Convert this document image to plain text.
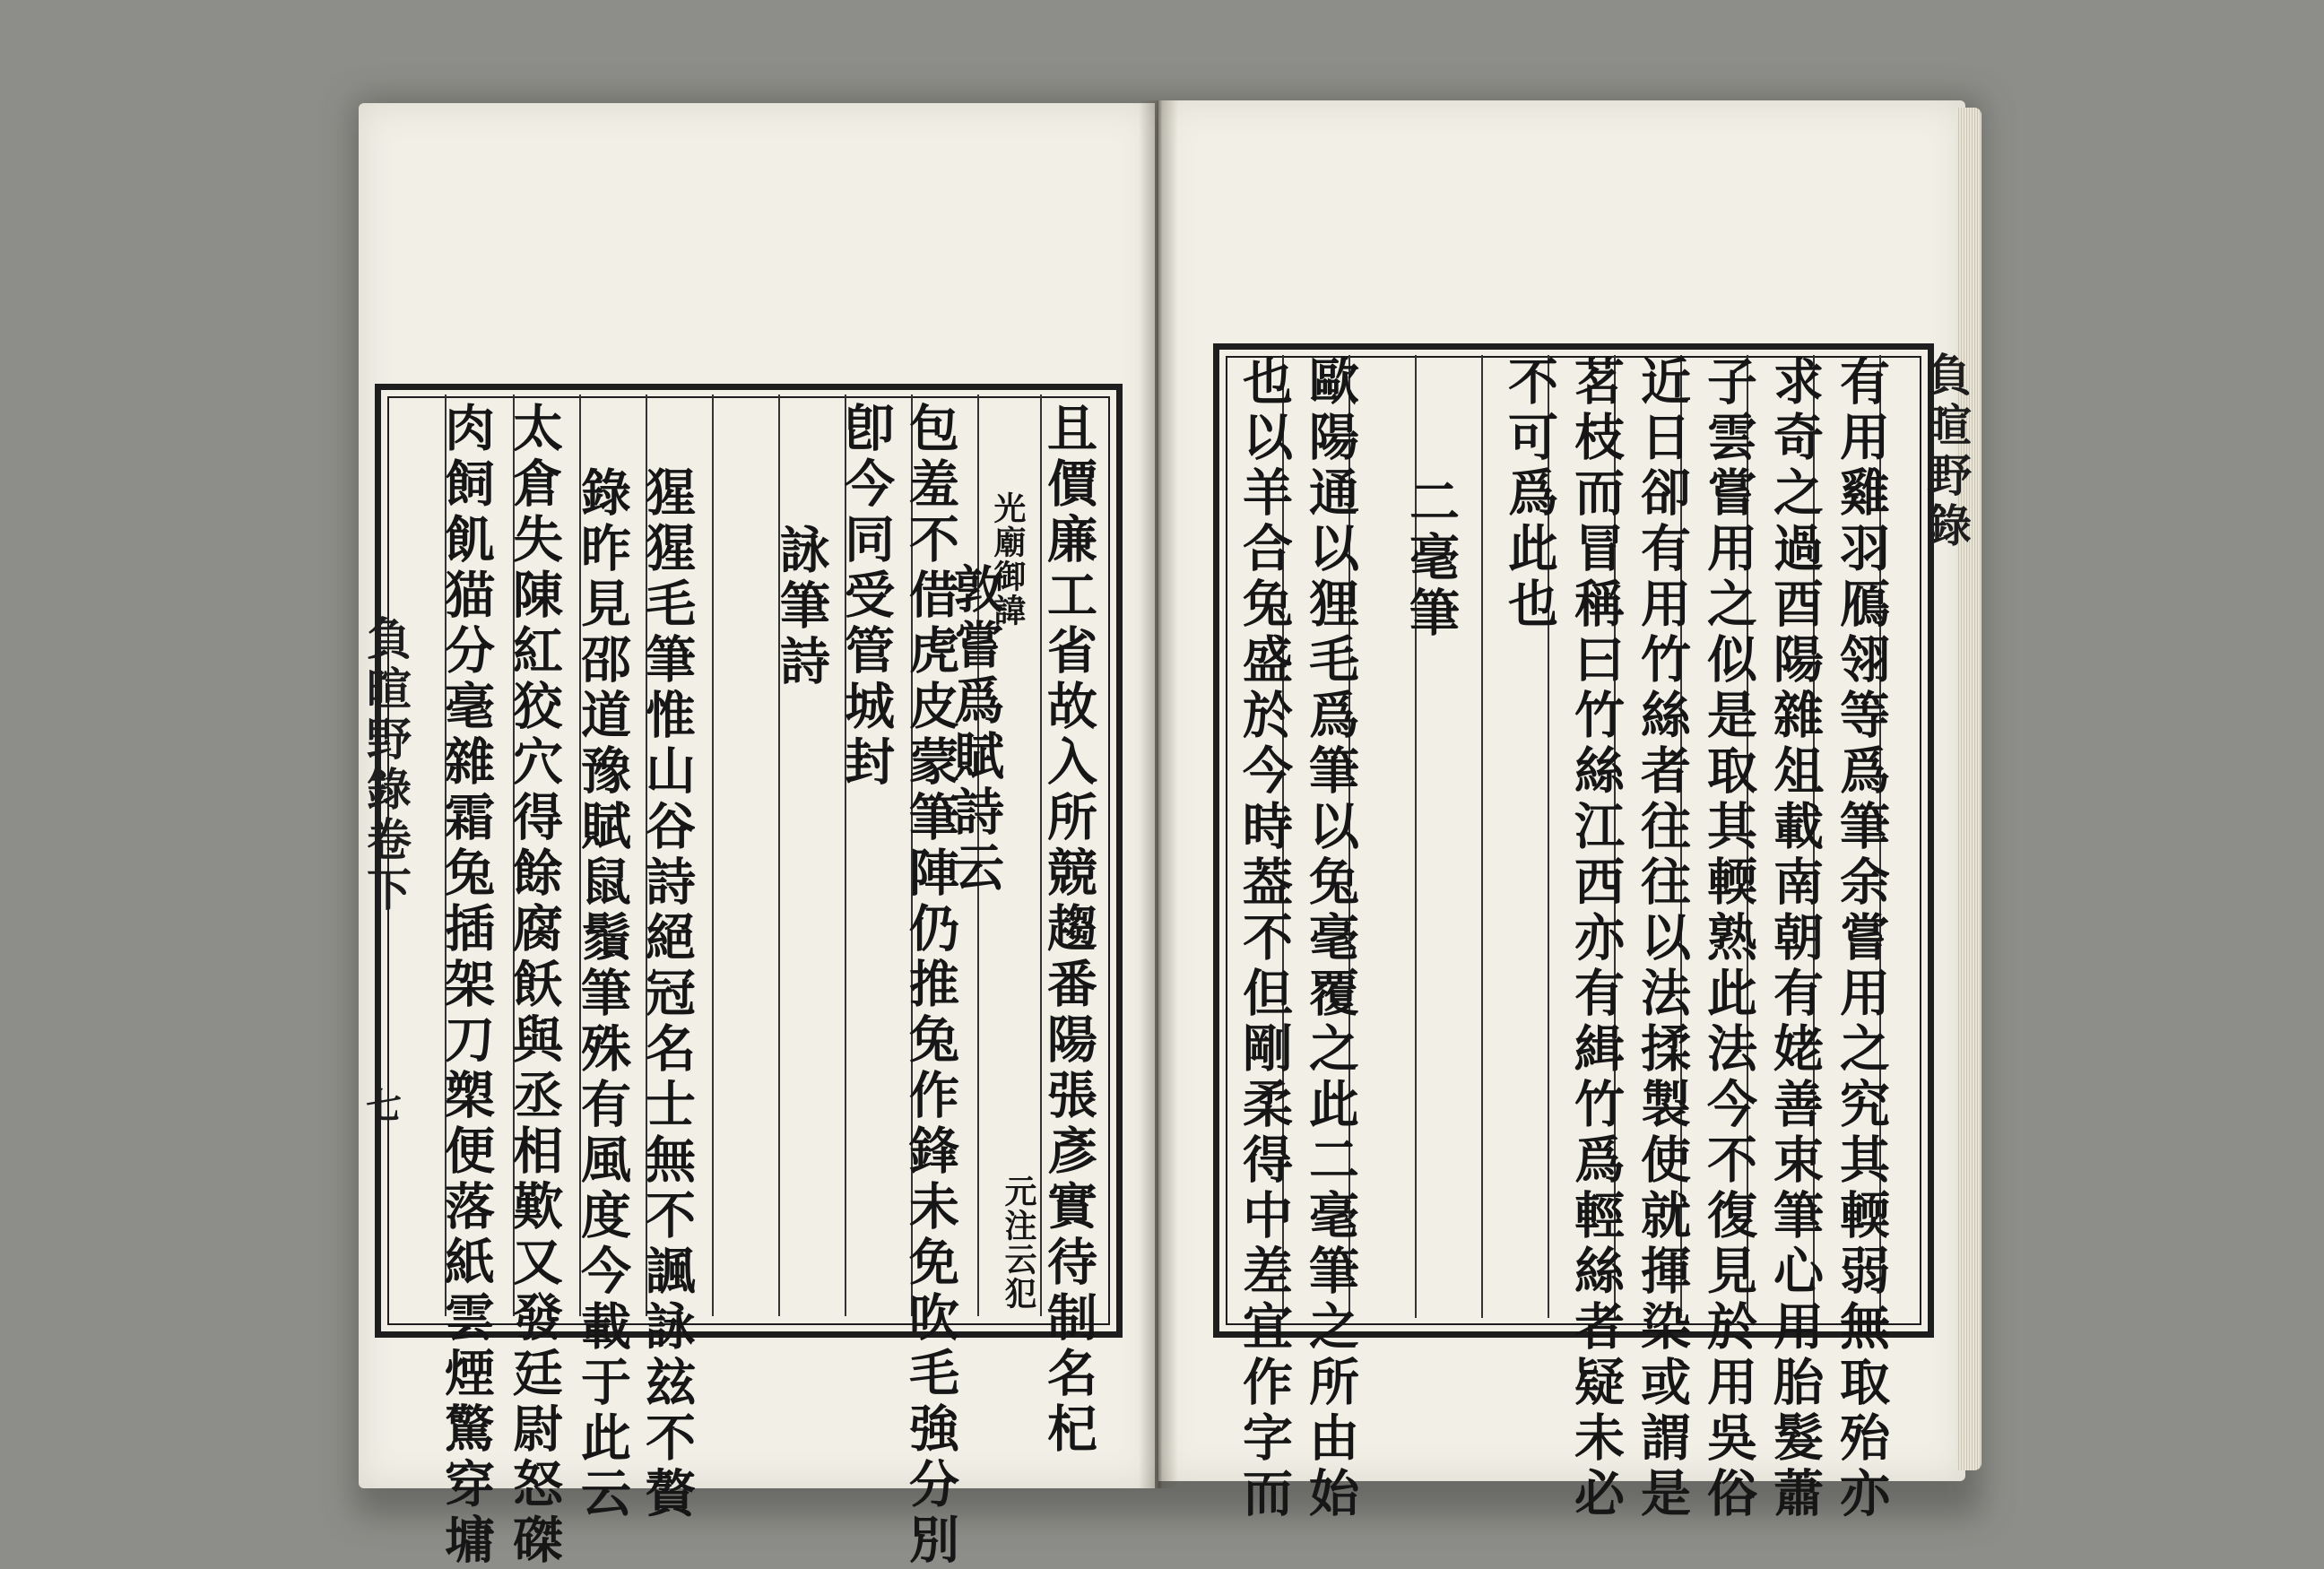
且價廉工省故入所競趨番陽張彥實待制名杞
元注云犯
光廟御諱
敦嘗爲賦詩云
包羞不借虎皮蒙筆陣仍推兔作鋒未免吹毛強分別
卽今同受管城封
詠筆詩
猩猩毛筆惟山谷詩絕冠名士無不諷詠玆不贅
錄昨見邵道豫賦鼠鬚筆殊有風度今載于此云
太倉失陳紅狡穴得餘腐飫與丞相歎又發廷尉怒磔
肉飼飢猫分毫雜霜兔插架刀槊便落紙雲煙驚穿墉
負暄野錄卷下
七	有用雞羽鴈翎等爲筆余嘗用之究其輭弱無取殆亦
求奇之過酉陽雜俎載南朝有姥善束筆心用胎髮蕭
子雲嘗用之似是取其輭熟此法今不復見於用吳俗
近日卻有用竹絲者往往以法揉製使就揮染或謂是
茗枝而冒稱曰竹絲江西亦有緝竹爲輕絲者疑未必
不可爲此也
二毫筆
歐陽通以狸毛爲筆以兔毫覆之此二毫筆之所由始
也以羊合兔盛於今時葢不但剛柔得中差宜作字而	負暄野錄
